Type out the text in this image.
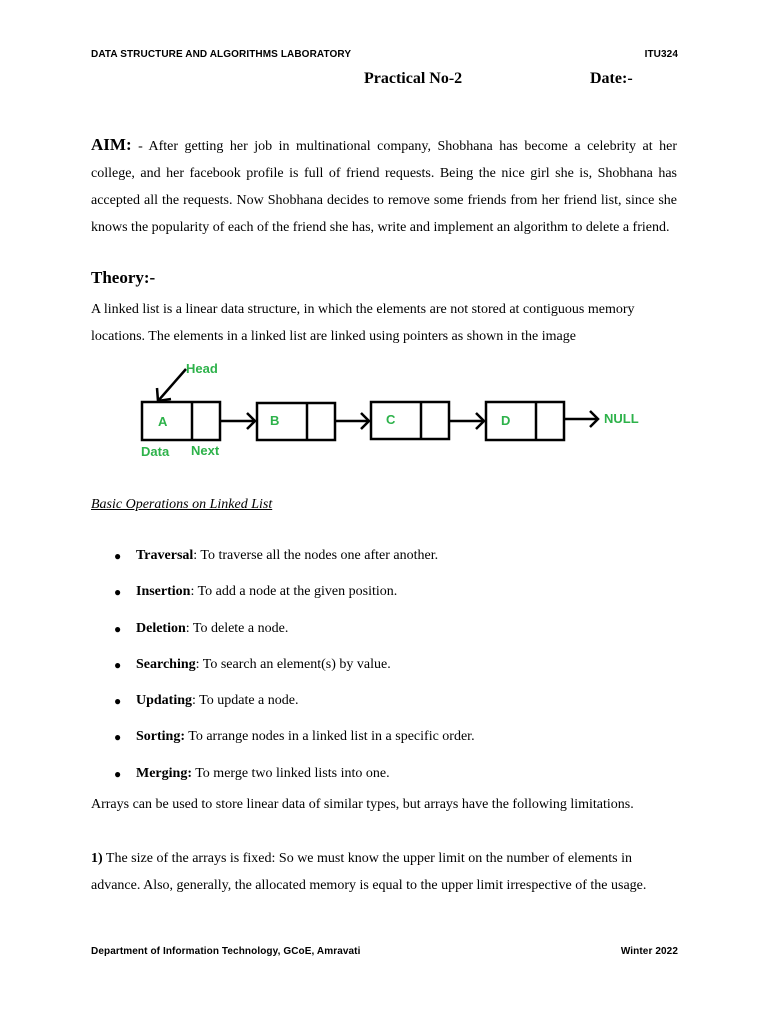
DATA STRUCTURE AND ALGORITHMS LABORATORY	ITU324
Practical No-2	Date:-
AIM: - After getting her job in multinational company, Shobhana has become a celebrity at her college, and her facebook profile is full of friend requests. Being the nice girl she is, Shobhana has accepted all the requests. Now Shobhana decides to remove some friends from her friend list, since she knows the popularity of each of the friend she has, write and implement an algorithm to delete a friend.
Theory:-
A linked list is a linear data structure, in which the elements are not stored at contiguous memory locations. The elements in a linked list are linked using pointers as shown in the image
Head
A	B	C	D	NULL
Data Next
Basic Operations on Linked List
● Traversal: To traverse all the nodes one after another.
● Insertion: To add a node at the given position.
● Deletion: To delete a node.
● Searching: To search an element(s) by value.
● Updating: To update a node.
● Sorting: To arrange nodes in a linked list in a specific order.
● Merging: To merge two linked lists into one.
Arrays can be used to store linear data of similar types, but arrays have the following limitations.
1) The size of the arrays is fixed: So we must know the upper limit on the number of elements in advance. Also, generally, the allocated memory is equal to the upper limit irrespective of the usage.
Department of Information Technology, GCoE, Amravati	Winter 2022
